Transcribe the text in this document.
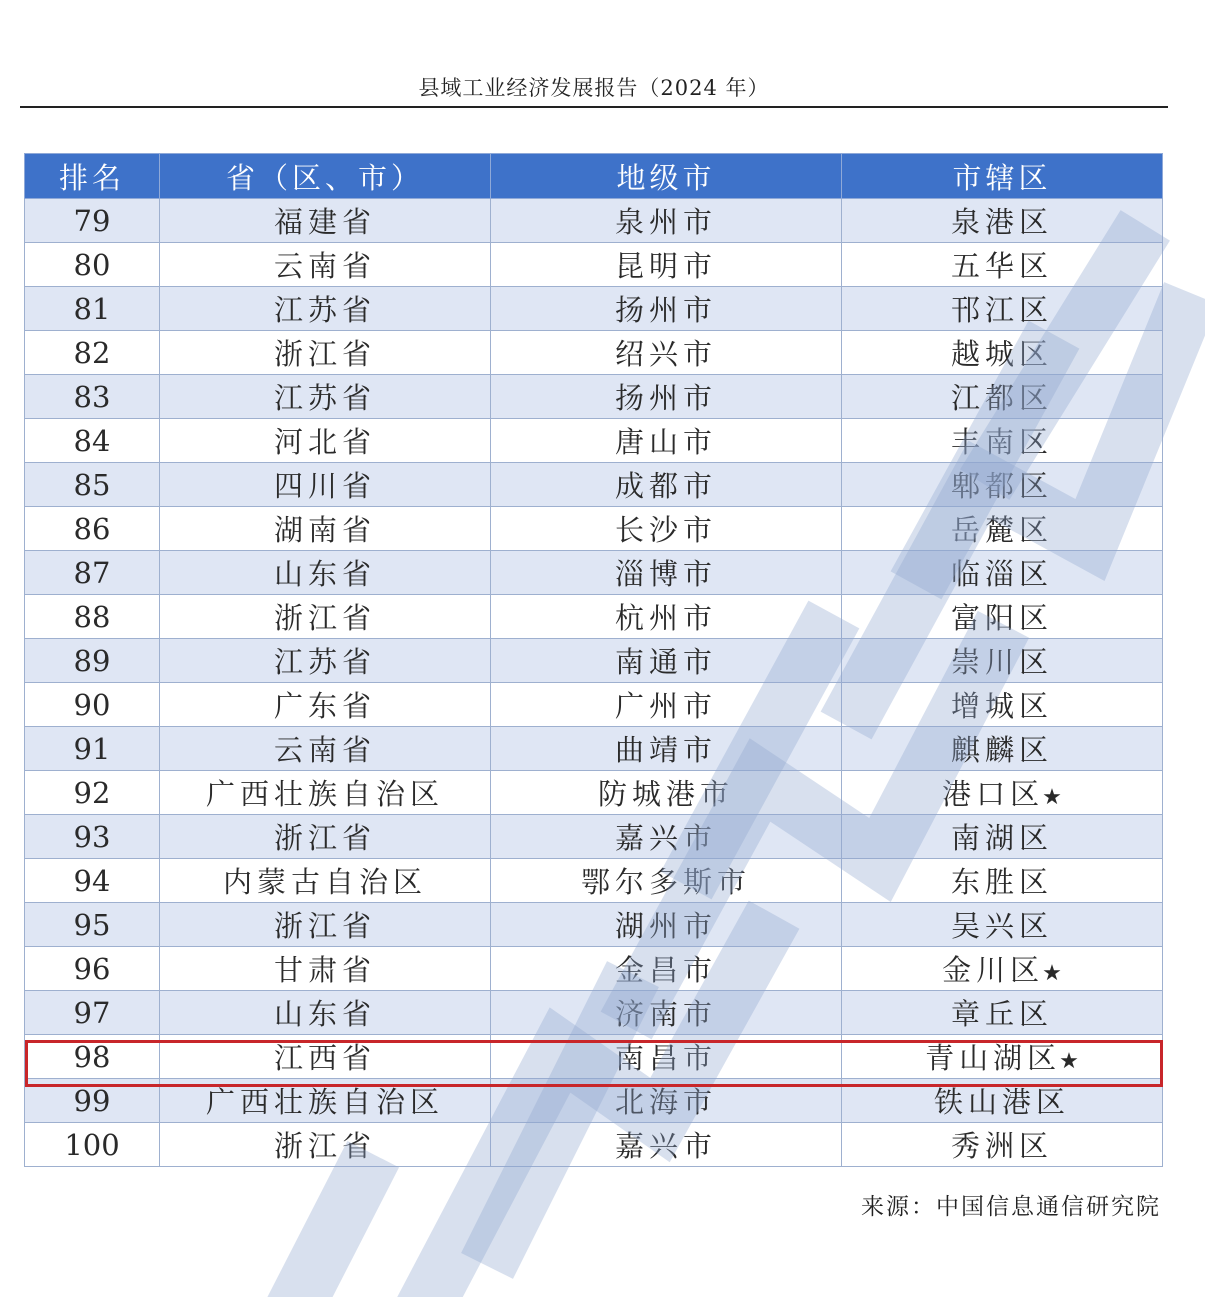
县域工业经济发展报告（2024 年）
排名	省（区、市）	地级市	市辖区
79	福建省	泉州市	泉港区
80	云南省	昆明市	五华区
81	江苏省	扬州市	邗江区
82	浙江省	绍兴市	越城区
83	江苏省	扬州市	江都区
84	河北省	唐山市	丰南区
85	四川省	成都市	郫都区
86	湖南省	长沙市	岳麓区
87	山东省	淄博市	临淄区
88	浙江省	杭州市	富阳区
89	江苏省	南通市	崇川区
90	广东省	广州市	增城区
91	云南省	曲靖市	麒麟区
92	广西壮族自治区	防城港市	港口区★
93	浙江省	嘉兴市	南湖区
94	内蒙古自治区	鄂尔多斯市	东胜区
95	浙江省	湖州市	吴兴区
96	甘肃省	金昌市	金川区★
97	山东省	济南市	章丘区
98	江西省	南昌市	青山湖区★
99	广西壮族自治区	北海市	铁山港区
100	浙江省	嘉兴市	秀洲区
来源：中国信息通信研究院
